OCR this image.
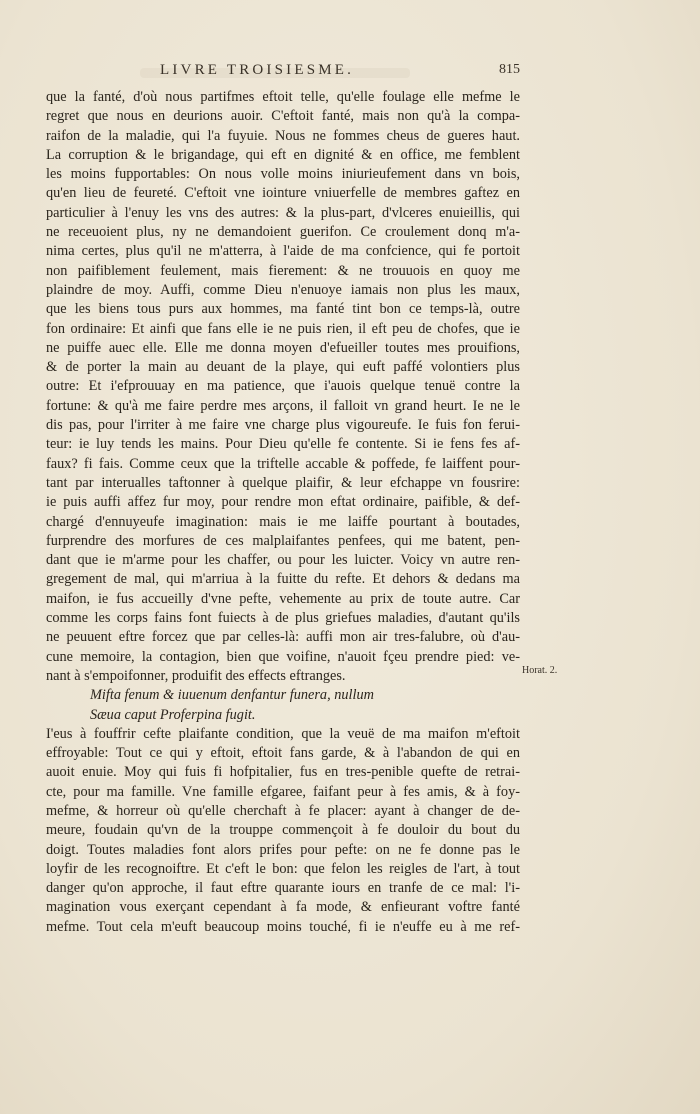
LIVRE TROISIESME.	815
que la fanté, d'où nous partifmes eftoit telle, qu'elle foulage elle mefme le
regret que nous en deurions auoir. C'eftoit fanté, mais non qu'à la compa-
raifon de la maladie, qui l'a fuyuie. Nous ne fommes cheus de gueres haut.
La corruption & le brigandage, qui eft en dignité & en office, me femblent
les moins fupportables: On nous volle moins iniurieufement dans vn bois,
qu'en lieu de feureté. C'eftoit vne iointure vniuerfelle de membres gaftez en
particulier à l'enuy les vns des autres: & la plus-part, d'vlceres enuieillis, qui
ne receuoient plus, ny ne demandoient guerifon. Ce croulement donq m'a-
nima certes, plus qu'il ne m'atterra, à l'aide de ma confcience, qui fe portoit
non paifiblement feulement, mais fierement: & ne trouuois en quoy me
plaindre de moy. Auffi, comme Dieu n'enuoye iamais non plus les maux,
que les biens tous purs aux hommes, ma fanté tint bon ce temps-là, outre
fon ordinaire: Et ainfi que fans elle ie ne puis rien, il eft peu de chofes, que ie
ne puiffe auec elle. Elle me donna moyen d'efueiller toutes mes prouifions,
& de porter la main au deuant de la playe, qui euft paffé volontiers plus
outre: Et i'efprouuay en ma patience, que i'auois quelque tenuë contre la
fortune: & qu'à me faire perdre mes arçons, il falloit vn grand heurt. Ie ne le
dis pas, pour l'irriter à me faire vne charge plus vigoureufe. Ie fuis fon ferui-
teur: ie luy tends les mains. Pour Dieu qu'elle fe contente. Si ie fens fes af-
faux? fi fais. Comme ceux que la triftelle accable & poffede, fe laiffent pour-
tant par interualles taftonner à quelque plaifir, & leur efchappe vn fousrire:
ie puis auffi affez fur moy, pour rendre mon eftat ordinaire, paifible, & def-
chargé d'ennuyeufe imagination: mais ie me laiffe pourtant à boutades,
furprendre des morfures de ces malplaifantes penfees, qui me batent, pen-
dant que ie m'arme pour les chaffer, ou pour les luicter. Voicy vn autre ren-
gregement de mal, qui m'arriua à la fuitte du refte. Et dehors & dedans ma
maifon, ie fus accueilly d'vne pefte, vehemente au prix de toute autre. Car
comme les corps fains font fuiects à de plus griefues maladies, d'autant qu'ils
ne peuuent eftre forcez que par celles-là: auffi mon air tres-falubre, où d'au-
cune memoire, la contagion, bien que voifine, n'auoit fçeu prendre pied: ve-
nant à s'empoifonner, produifit des effects eftranges.
Mifta fenum & iuuenum denfantur funera, nullum
Sæua caput Proferpina fugit.
I'eus à fouffrir cefte plaifante condition, que la veuë de ma maifon m'eftoit
effroyable: Tout ce qui y eftoit, eftoit fans garde, & à l'abandon de qui en
auoit enuie. Moy qui fuis fi hofpitalier, fus en tres-penible quefte de retrai-
cte, pour ma famille. Vne famille efgaree, faifant peur à fes amis, & à foy-
mefme, & horreur où qu'elle cherchaft à fe placer: ayant à changer de de-
meure, foudain qu'vn de la trouppe commençoit à fe douloir du bout du
doigt. Toutes maladies font alors prifes pour pefte: on ne fe donne pas le
loyfir de les recognoiftre. Et c'eft le bon: que felon les reigles de l'art, à tout
danger qu'on approche, il faut eftre quarante iours en tranfe de ce mal: l'i-
magination vous exerçant cependant à fa mode, & enfieurant voftre fanté
mefme. Tout cela m'euft beaucoup moins touché, fi ie n'euffe eu à me ref-
Horat. 2.
